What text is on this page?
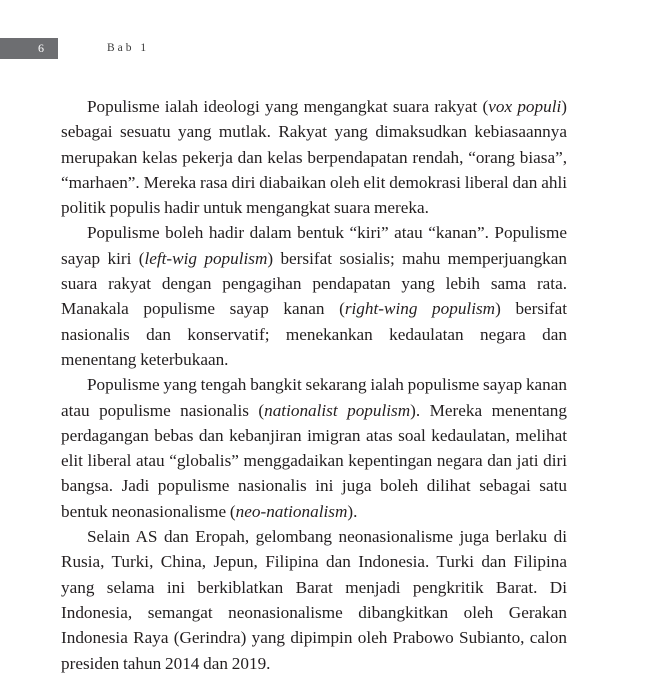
6	Bab 1

Populisme ialah ideologi yang mengangkat suara rakyat (vox populi) sebagai sesuatu yang mutlak. Rakyat yang dimaksudkan kebiasaannya merupakan kelas pekerja dan kelas berpendapatan rendah, “orang biasa”, “marhaen”. Mereka rasa diri diabaikan oleh elit demokrasi liberal dan ahli politik populis hadir untuk mengangkat suara mereka.

Populisme boleh hadir dalam bentuk “kiri” atau “kanan”. Populisme sayap kiri (left-wig populism) bersifat sosialis; mahu memperjuangkan suara rakyat dengan pengagihan pendapatan yang lebih sama rata. Manakala populisme sayap kanan (right-wing populism) bersifat nasionalis dan konservatif; menekankan kedaulatan negara dan menentang keterbukaan.

Populisme yang tengah bangkit sekarang ialah populisme sayap kanan atau populisme nasionalis (nationalist populism). Mereka menentang perdagangan bebas dan kebanjiran imigran atas soal kedaulatan, melihat elit liberal atau “globalis” menggadaikan kepentingan negara dan jati diri bangsa. Jadi populisme nasionalis ini juga boleh dilihat sebagai satu bentuk neonasionalisme (neo-nationalism).

Selain AS dan Eropah, gelombang neonasionalisme juga berlaku di Rusia, Turki, China, Jepun, Filipina dan Indonesia. Turki dan Filipina yang selama ini berkiblatkan Barat menjadi pengkritik Barat. Di Indonesia, semangat neonasionalisme dibangkitkan oleh Gerakan Indonesia Raya (Gerindra) yang dipimpin oleh Prabowo Subianto, calon presiden tahun 2014 dan 2019.
